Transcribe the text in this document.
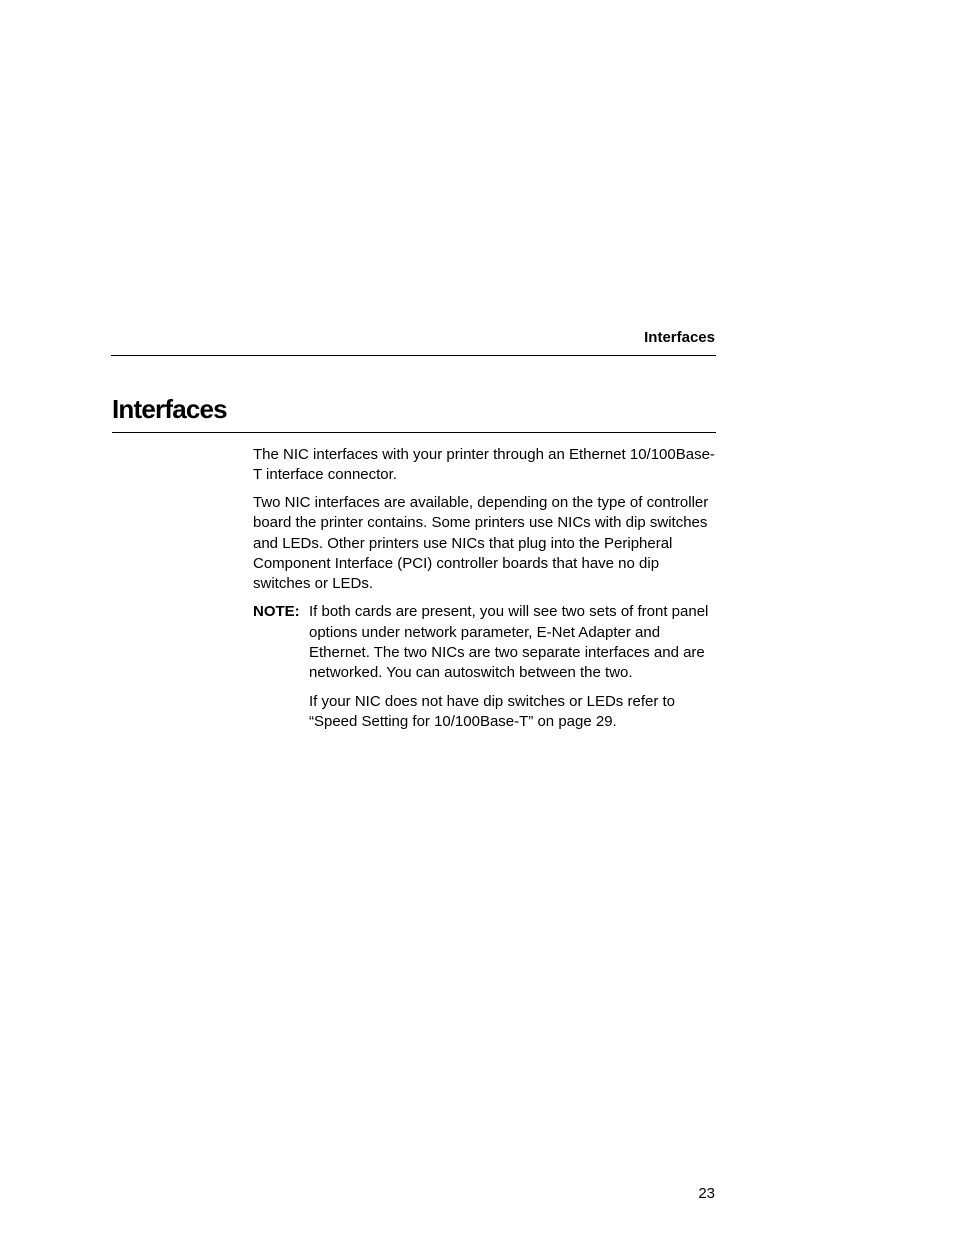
Interfaces
Interfaces

The NIC interfaces with your printer through an Ethernet 10/100Base-T interface connector.

Two NIC interfaces are available, depending on the type of controller board the printer contains. Some printers use NICs with dip switches and LEDs. Other printers use NICs that plug into the Peripheral Component Interface (PCI) controller boards that have no dip switches or LEDs.

NOTE: If both cards are present, you will see two sets of front panel options under network parameter, E-Net Adapter and Ethernet. The two NICs are two separate interfaces and are networked. You can autoswitch between the two.

If your NIC does not have dip switches or LEDs refer to “Speed Setting for 10/100Base-T” on page 29.

23
